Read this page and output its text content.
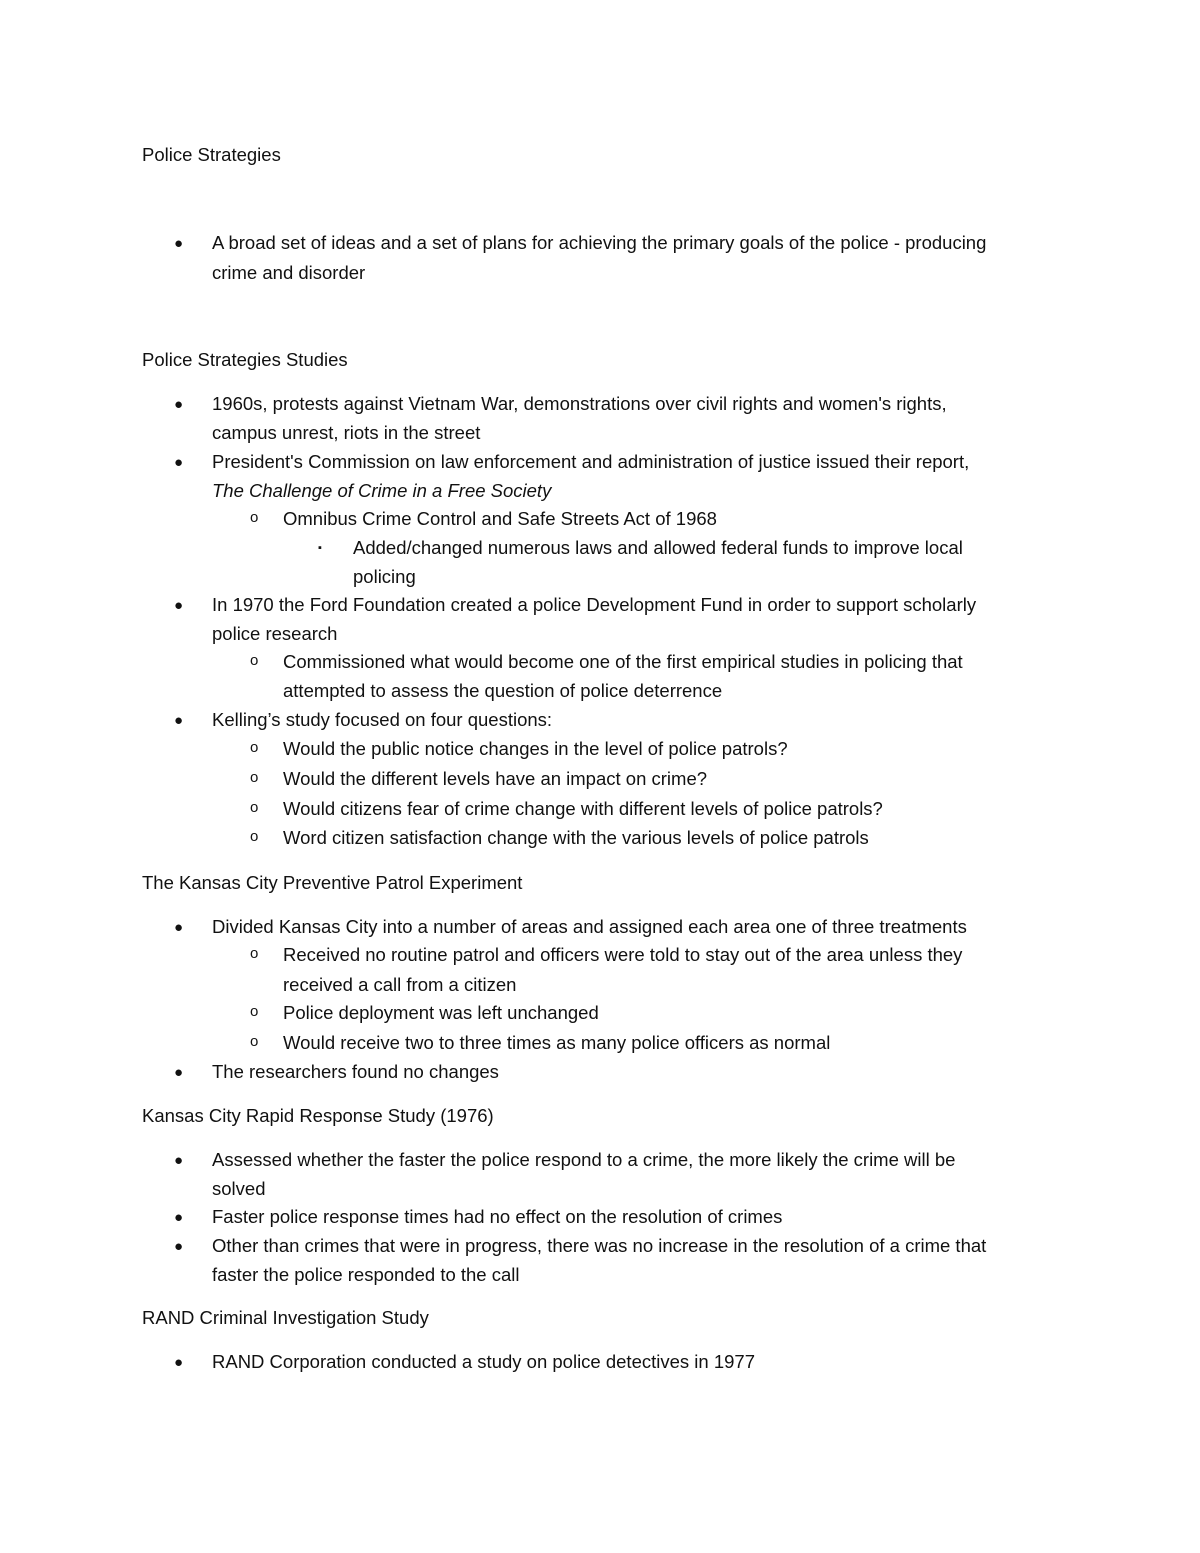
Police Strategies
● A broad set of ideas and a set of plans for achieving the primary goals of the police - producing
crime and disorder
Police Strategies Studies
● 1960s, protests against Vietnam War, demonstrations over civil rights and women's rights,
campus unrest, riots in the street
● President's Commission on law enforcement and administration of justice issued their report,
The Challenge of Crime in a Free Society
o Omnibus Crime Control and Safe Streets Act of 1968
▪ Added/changed numerous laws and allowed federal funds to improve local
policing
● In 1970 the Ford Foundation created a police Development Fund in order to support scholarly
police research
o Commissioned what would become one of the first empirical studies in policing that
attempted to assess the question of police deterrence
● Kelling’s study focused on four questions:
o Would the public notice changes in the level of police patrols?
o Would the different levels have an impact on crime?
o Would citizens fear of crime change with different levels of police patrols?
o Word citizen satisfaction change with the various levels of police patrols
The Kansas City Preventive Patrol Experiment
● Divided Kansas City into a number of areas and assigned each area one of three treatments
o Received no routine patrol and officers were told to stay out of the area unless they
received a call from a citizen
o Police deployment was left unchanged
o Would receive two to three times as many police officers as normal
● The researchers found no changes
Kansas City Rapid Response Study (1976)
● Assessed whether the faster the police respond to a crime, the more likely the crime will be
solved
● Faster police response times had no effect on the resolution of crimes
● Other than crimes that were in progress, there was no increase in the resolution of a crime that
faster the police responded to the call
RAND Criminal Investigation Study
● RAND Corporation conducted a study on police detectives in 1977
